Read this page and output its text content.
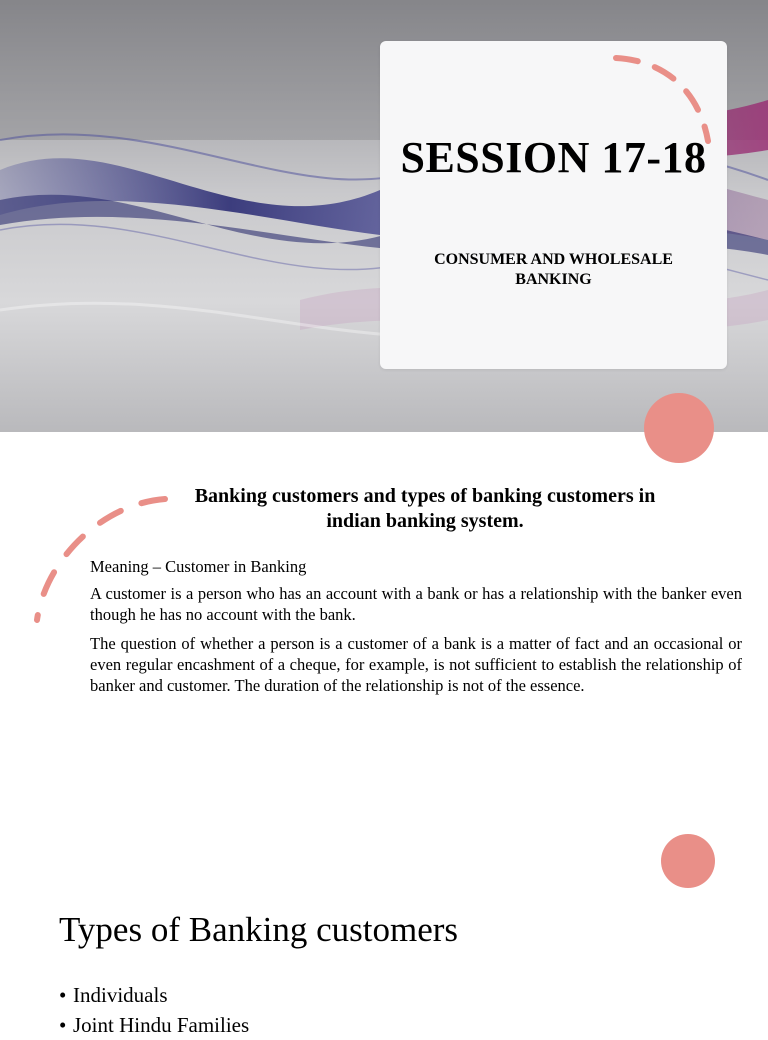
SESSION 17-18
CONSUMER AND WHOLESALE BANKING
Banking customers and types of banking customers in indian banking system.

Meaning – Customer in Banking

A customer is a person who has an account with a bank or has a relationship with the banker even though he has no account with the bank.

The question of whether a person is a customer of a bank is a matter of fact and an occasional or even regular encashment of a cheque, for example, is not sufficient to establish the relationship of banker and customer. The duration of the relationship is not of the essence.

Types of Banking customers
• Individuals
• Joint Hindu Families
